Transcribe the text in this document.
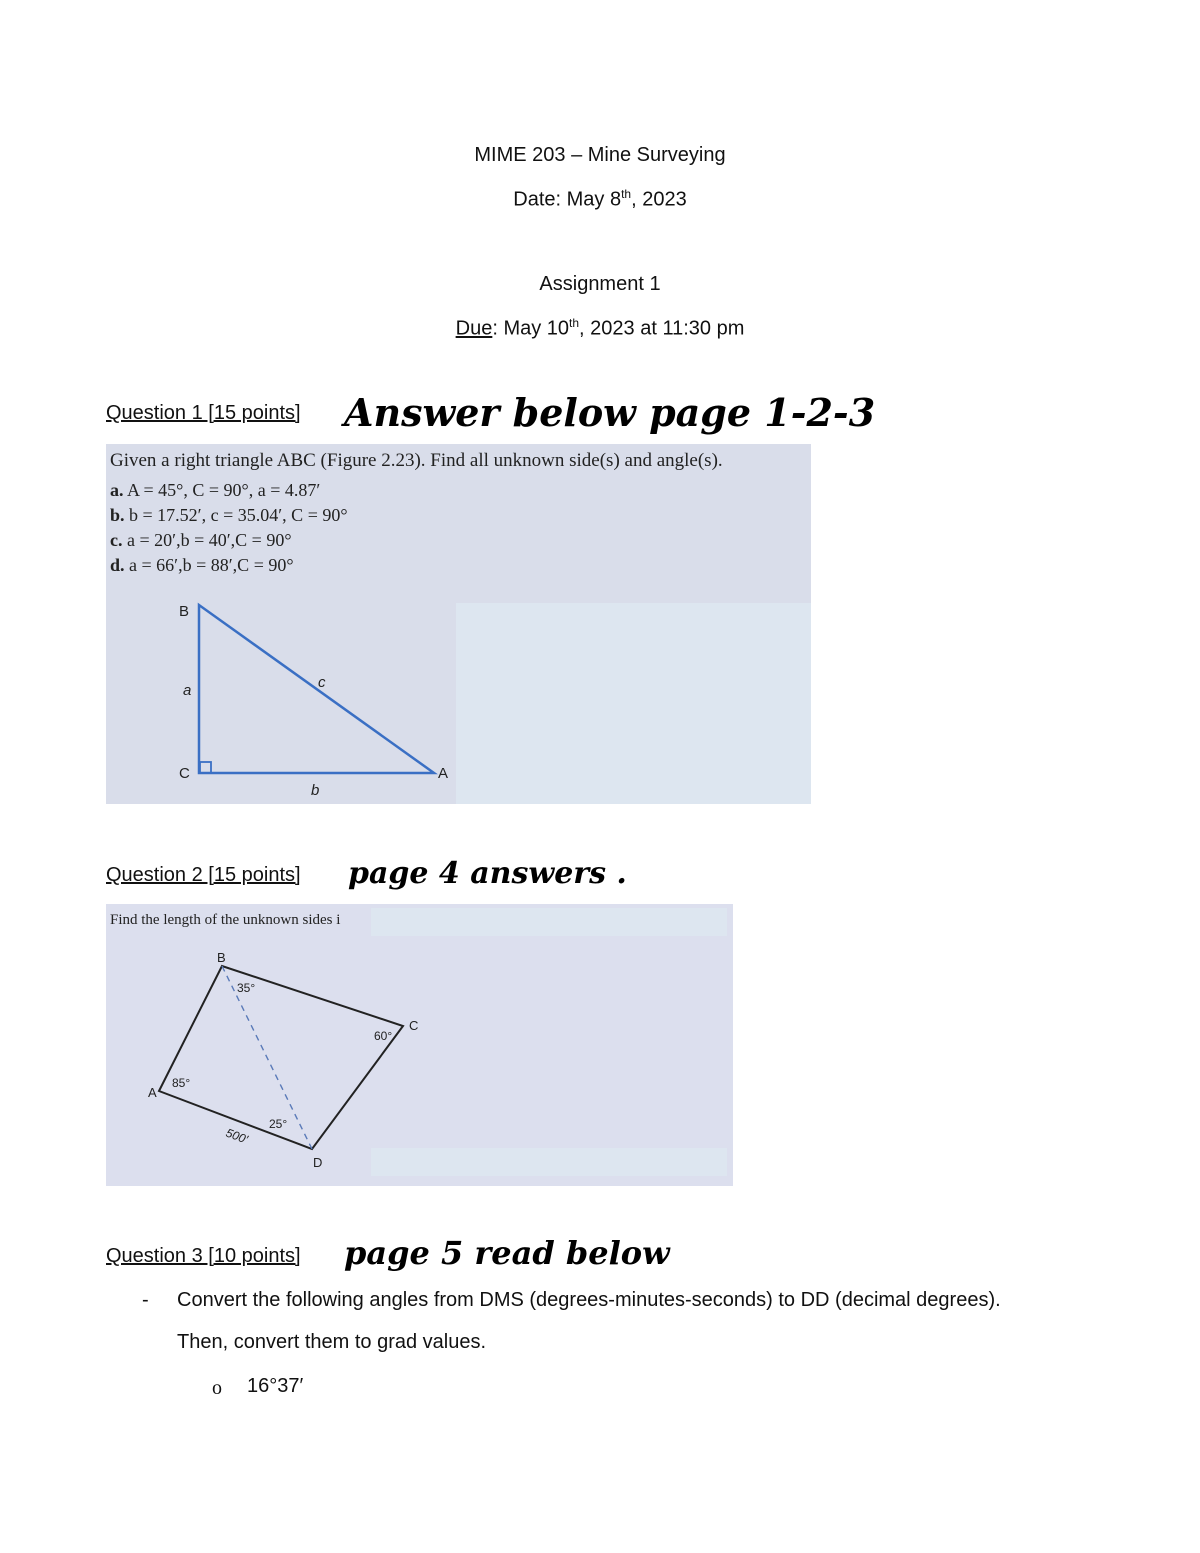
MIME 203 – Mine Surveying
Date: May 8th, 2023
Assignment 1
Due: May 10th, 2023 at 11:30 pm
Question 1 [15 points] Answer below page 1-2-3
Given a right triangle ABC (Figure 2.23). Find all unknown side(s) and angle(s).
a. A = 45°, C = 90°, a = 4.87′
b. b = 17.52′, c = 35.04′, C = 90°
c. a = 20′,b = 40′,C = 90°
d. a = 66′,b = 88′,C = 90°
B
C	A
a
b
c
Question 2 [15 points] page 4 answers .
Find the length of the unknown sides i
A
B
C
D
85°
35°
60°
25°
500′
Question 3 [10 points] page 5 read below
- Convert the following angles from DMS (degrees-minutes-seconds) to DD (decimal degrees).
Then, convert them to grad values.
o 16°37′
